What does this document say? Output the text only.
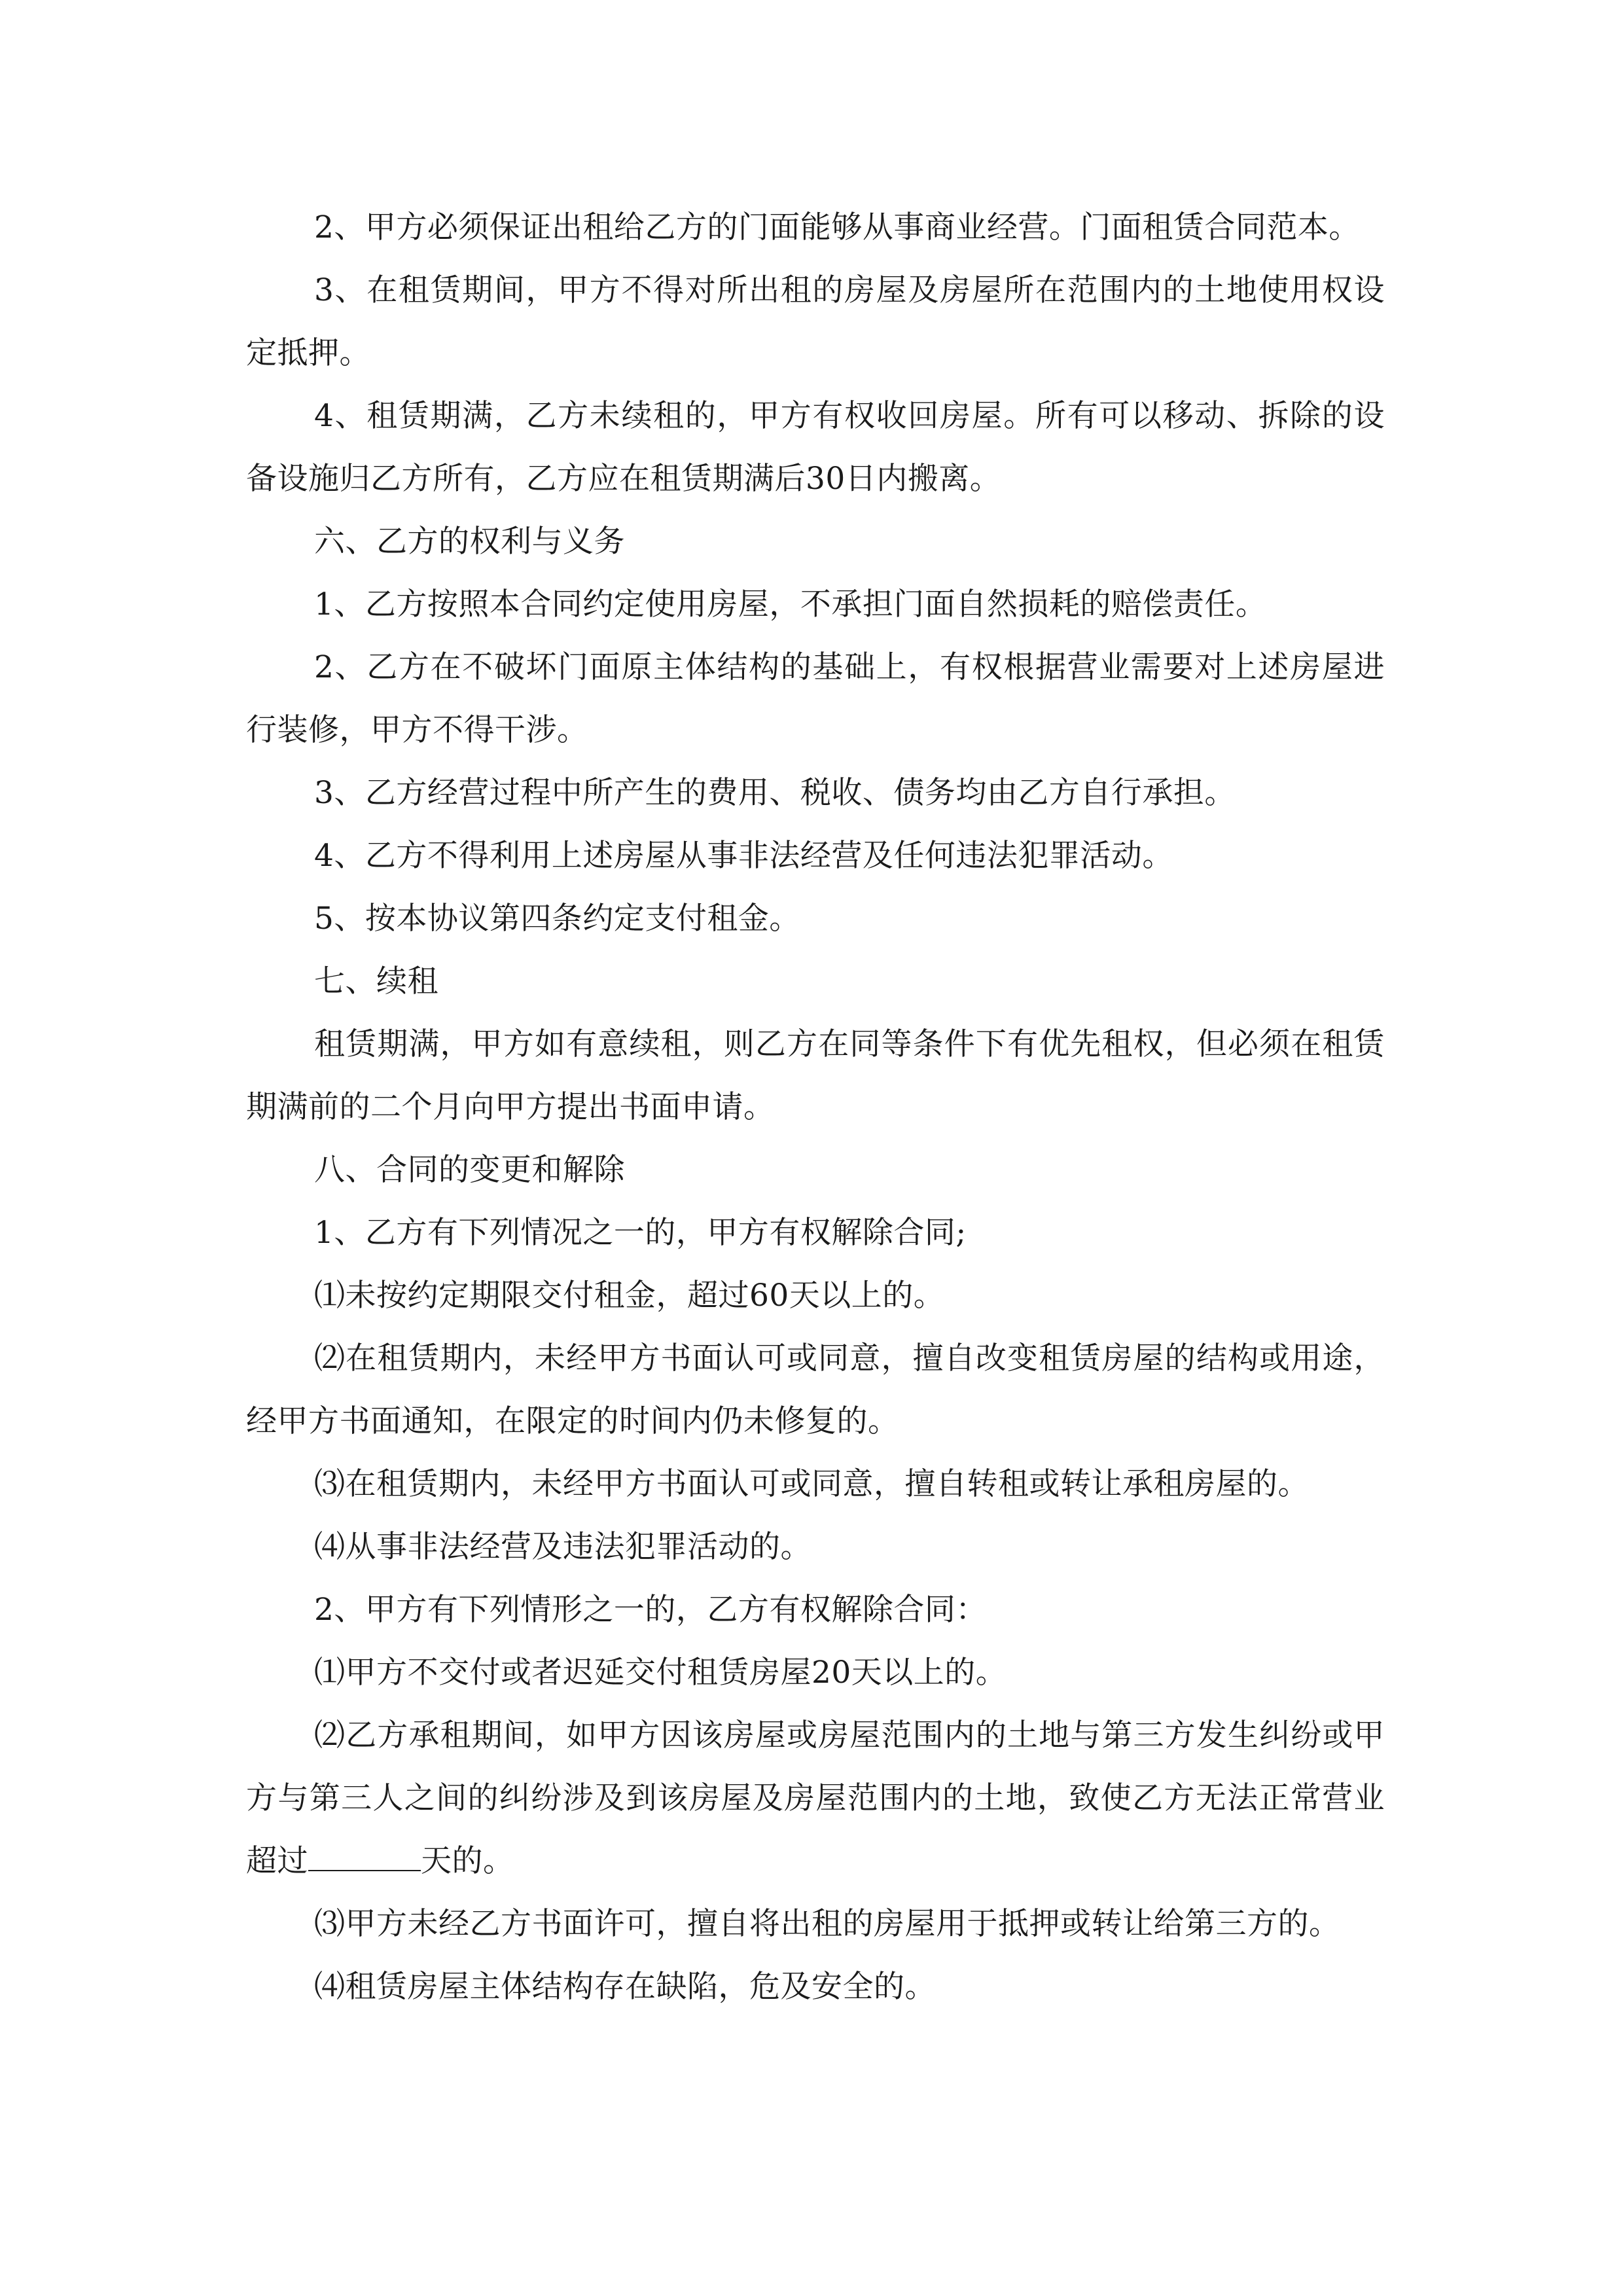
2、甲方必须保证出租给乙方的门面能够从事商业经营。门面租赁合同范本。

3、在租赁期间，甲方不得对所出租的房屋及房屋所在范围内的土地使用权设定抵押。

4、租赁期满，乙方未续租的，甲方有权收回房屋。所有可以移动、拆除的设备设施归乙方所有，乙方应在租赁期满后30日内搬离。

六、乙方的权利与义务

1、乙方按照本合同约定使用房屋，不承担门面自然损耗的赔偿责任。

2、乙方在不破坏门面原主体结构的基础上，有权根据营业需要对上述房屋进行装修，甲方不得干涉。

3、乙方经营过程中所产生的费用、税收、债务均由乙方自行承担。

4、乙方不得利用上述房屋从事非法经营及任何违法犯罪活动。

5、按本协议第四条约定支付租金。

七、续租

租赁期满，甲方如有意续租，则乙方在同等条件下有优先租权，但必须在租赁期满前的二个月向甲方提出书面申请。

八、合同的变更和解除

1、乙方有下列情况之一的，甲方有权解除合同;

⑴未按约定期限交付租金，超过60天以上的。

⑵在租赁期内，未经甲方书面认可或同意，擅自改变租赁房屋的结构或用途，经甲方书面通知，在限定的时间内仍未修复的。

⑶在租赁期内，未经甲方书面认可或同意，擅自转租或转让承租房屋的。

⑷从事非法经营及违法犯罪活动的。

2、甲方有下列情形之一的，乙方有权解除合同：

⑴甲方不交付或者迟延交付租赁房屋20天以上的。

⑵乙方承租期间，如甲方因该房屋或房屋范围内的土地与第三方发生纠纷或甲方与第三人之间的纠纷涉及到该房屋及房屋范围内的土地，致使乙方无法正常营业超过	天的。

⑶甲方未经乙方书面许可，擅自将出租的房屋用于抵押或转让给第三方的。

⑷租赁房屋主体结构存在缺陷，危及安全的。
